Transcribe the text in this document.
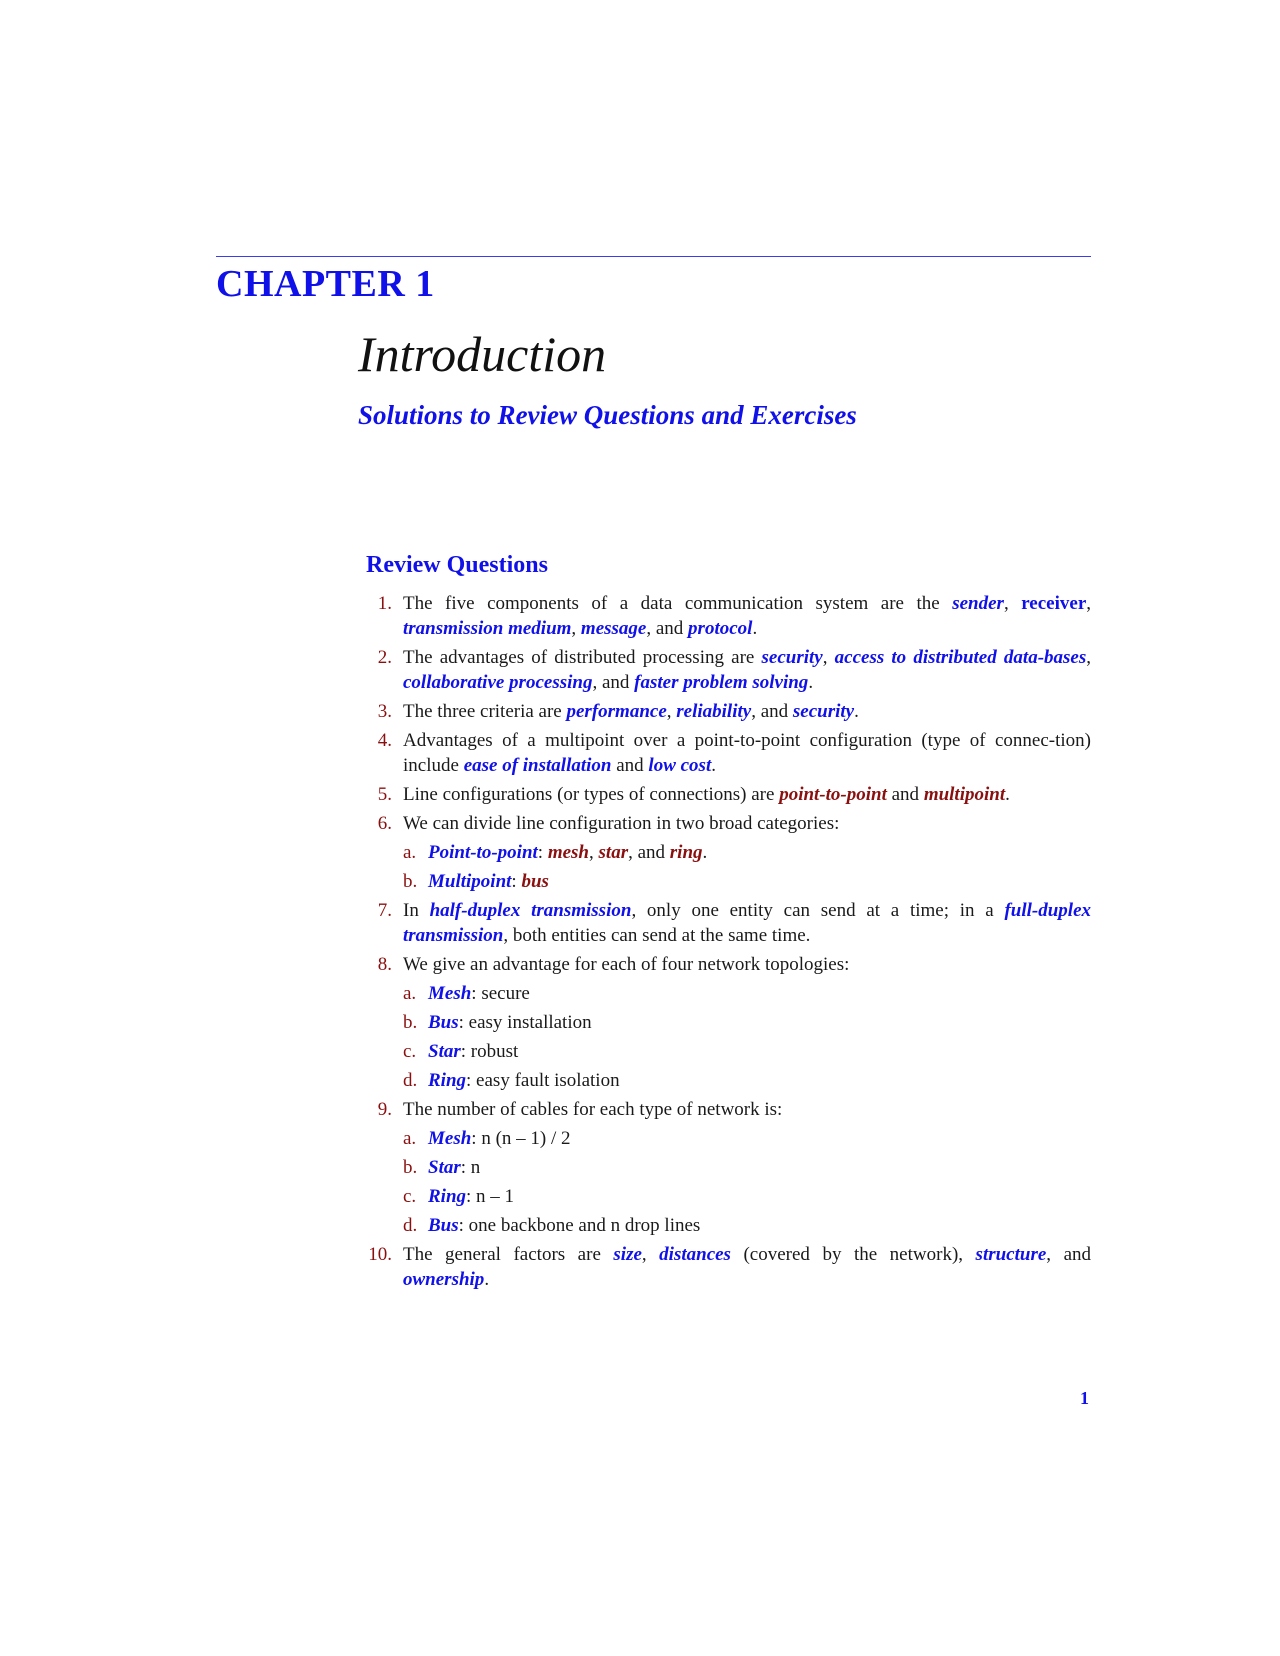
CHAPTER 1
Introduction
Solutions to Review Questions and Exercises
Review Questions
1. The five components of a data communication system are the sender, receiver, transmission medium, message, and protocol.
2. The advantages of distributed processing are security, access to distributed data-bases, collaborative processing, and faster problem solving.
3. The three criteria are performance, reliability, and security.
4. Advantages of a multipoint over a point-to-point configuration (type of connec-tion) include ease of installation and low cost.
5. Line configurations (or types of connections) are point-to-point and multipoint.
6. We can divide line configuration in two broad categories:
a. Point-to-point: mesh, star, and ring.
b. Multipoint: bus
7. In half-duplex transmission, only one entity can send at a time; in a full-duplex transmission, both entities can send at the same time.
8. We give an advantage for each of four network topologies:
a. Mesh: secure
b. Bus: easy installation
c. Star: robust
d. Ring: easy fault isolation
9. The number of cables for each type of network is:
a. Mesh: n (n – 1) / 2
b. Star: n
c. Ring: n – 1
d. Bus: one backbone and n drop lines
10. The general factors are size, distances (covered by the network), structure, and ownership.
1
